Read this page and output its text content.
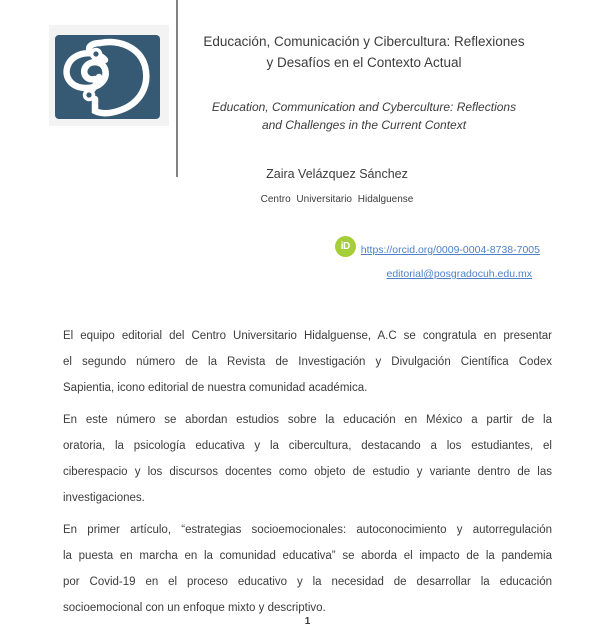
Educación, Comunicación y Cibercultura: Reflexiones
y Desafíos en el Contexto Actual
Education, Communication and Cyberculture: Reflections
and Challenges in the Current Context
Zaira Velázquez Sánchez
Centro Universitario Hidalguense
iD	https://orcid.org/0009-0004-8738-7005
editorial@posgradocuh.edu.mx
El equipo editorial del Centro Universitario Hidalguense, A.C se congratula en presentar
el segundo número de la Revista de Investigación y Divulgación Científica Codex
Sapientia, icono editorial de nuestra comunidad académica.
En este número se abordan estudios sobre la educación en México a partir de la
oratoria, la psicología educativa y la cibercultura, destacando a los estudiantes, el
ciberespacio y los discursos docentes como objeto de estudio y variante dentro de las
investigaciones.
En primer artículo, “estrategias socioemocionales: autoconocimiento y autorregulación
la puesta en marcha en la comunidad educativa” se aborda el impacto de la pandemia
por Covid-19 en el proceso educativo y la necesidad de desarrollar la educación
socioemocional con un enfoque mixto y descriptivo.
1
